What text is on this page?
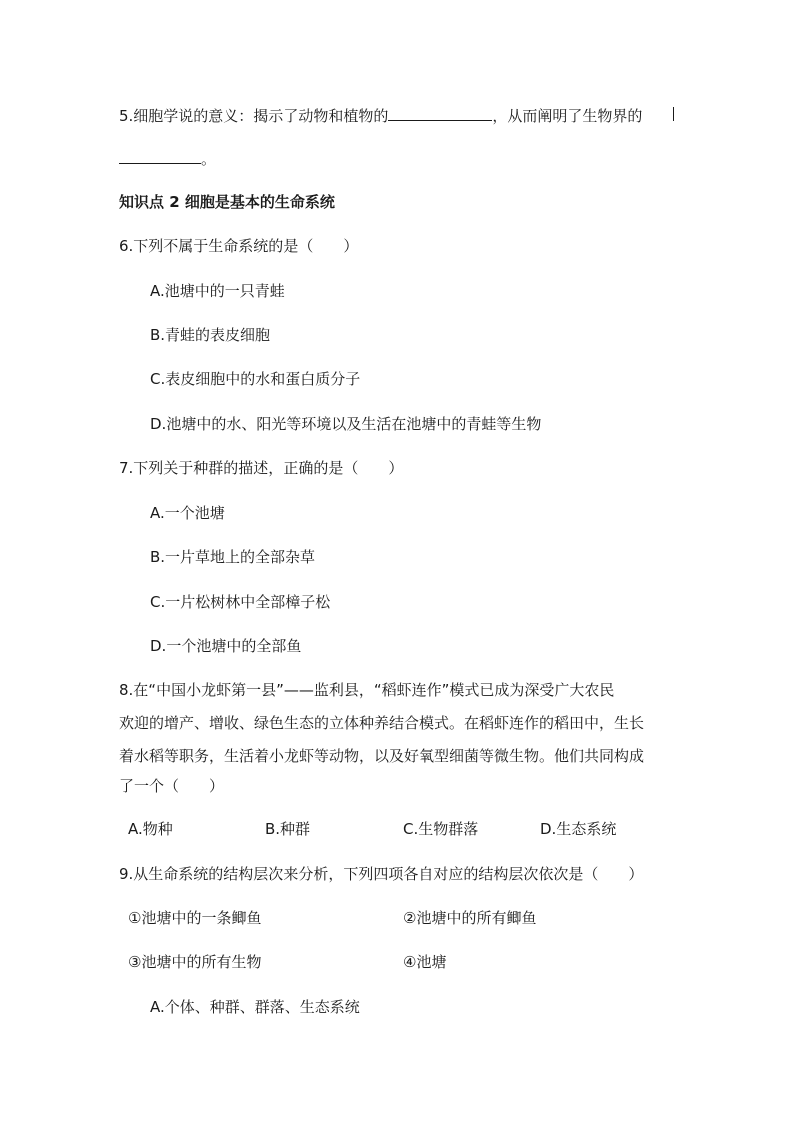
5.细胞学说的意义：揭示了动物和植物的	，从而阐明了生物界的
。
知识点 2 细胞是基本的生命系统
6.下列不属于生命系统的是（　　）
A.池塘中的一只青蛙
B.青蛙的表皮细胞
C.表皮细胞中的水和蛋白质分子
D.池塘中的水、阳光等环境以及生活在池塘中的青蛙等生物
7.下列关于种群的描述，正确的是（　　）
A.一个池塘
B.一片草地上的全部杂草
C.一片松树林中全部樟子松
D.一个池塘中的全部鱼
8.在“中国小龙虾第一县”——监利县，“稻虾连作”模式已成为深受广大农民
欢迎的增产、增收、绿色生态的立体种养结合模式。在稻虾连作的稻田中，生长
着水稻等职务，生活着小龙虾等动物，以及好氧型细菌等微生物。他们共同构成
了一个（　　）
A.物种	B.种群	C.生物群落	D.生态系统
9.从生命系统的结构层次来分析，下列四项各自对应的结构层次依次是（　　）
①池塘中的一条鲫鱼	②池塘中的所有鲫鱼
③池塘中的所有生物	④池塘
A.个体、种群、群落、生态系统
